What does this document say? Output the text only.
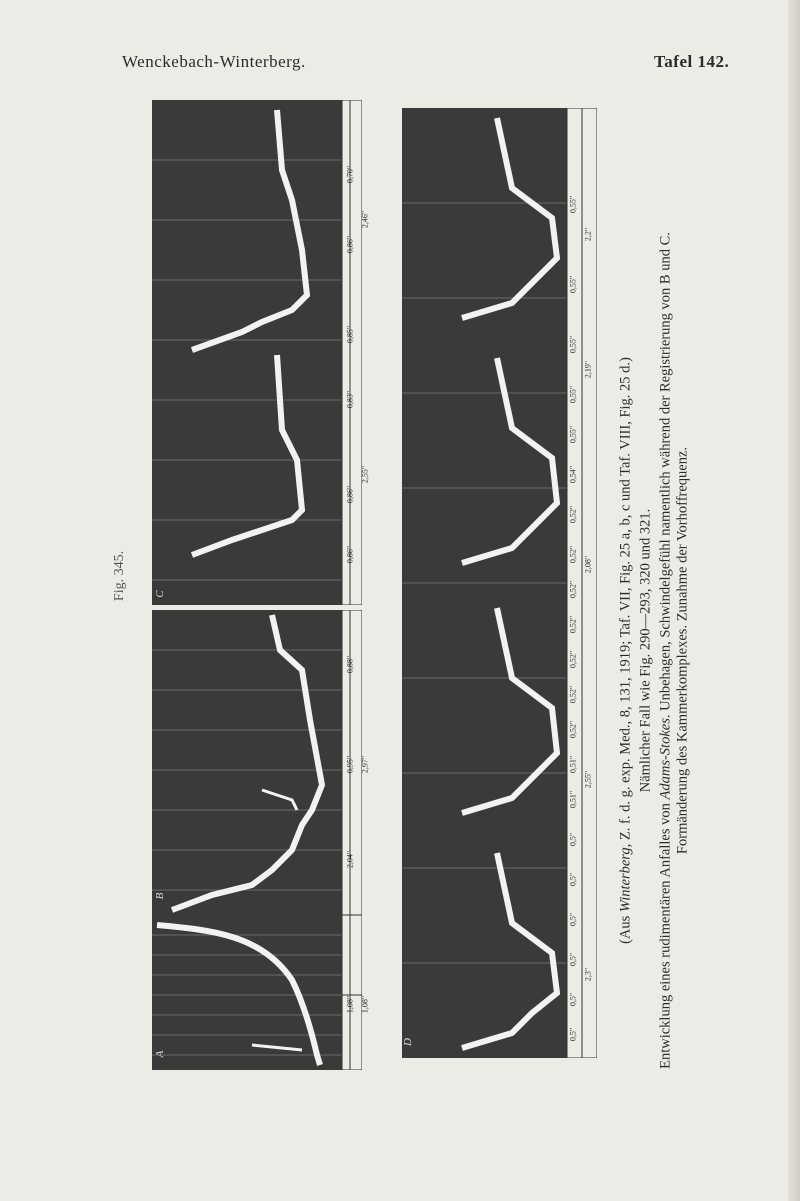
Wenckebach-Winterberg.	Tafel 142.
Fig. 345.
A
1,08" 1,08"
B
2,04"
0,95"
0,88"
2,97"
C
0,86"
0,86"
0,83"
0,85"
0,86"
0,70"
2,55"
2,46"
D
0,5"
0,5"
0,5"
0,5"
0,5"
0,5"
0,51"
0,51"
0,52"
0,52"
0,52"
0,52"
0,52"
0,52"
0,52"
0,54"
0,55"
0,55"
0,55"
0,55"
0,55"
2,3"
2,55"
2,08"
2,19"
2,2"
(Aus Winterberg, Z. f. d. g. exp. Med., 8, 131, 1919; Taf. VII, Fig. 25 a, b, c und Taf. VIII, Fig. 25 d.) Nämlicher Fall wie Fig. 290—293, 320 und 321.
Entwicklung eines rudimentären Anfalles von Adams-Stokes. Unbehagen, Schwindelgefühl namentlich während der Registrierung von B und C. Formänderung des Kammerkomplexes. Zunahme der Vorhoffrequenz.
